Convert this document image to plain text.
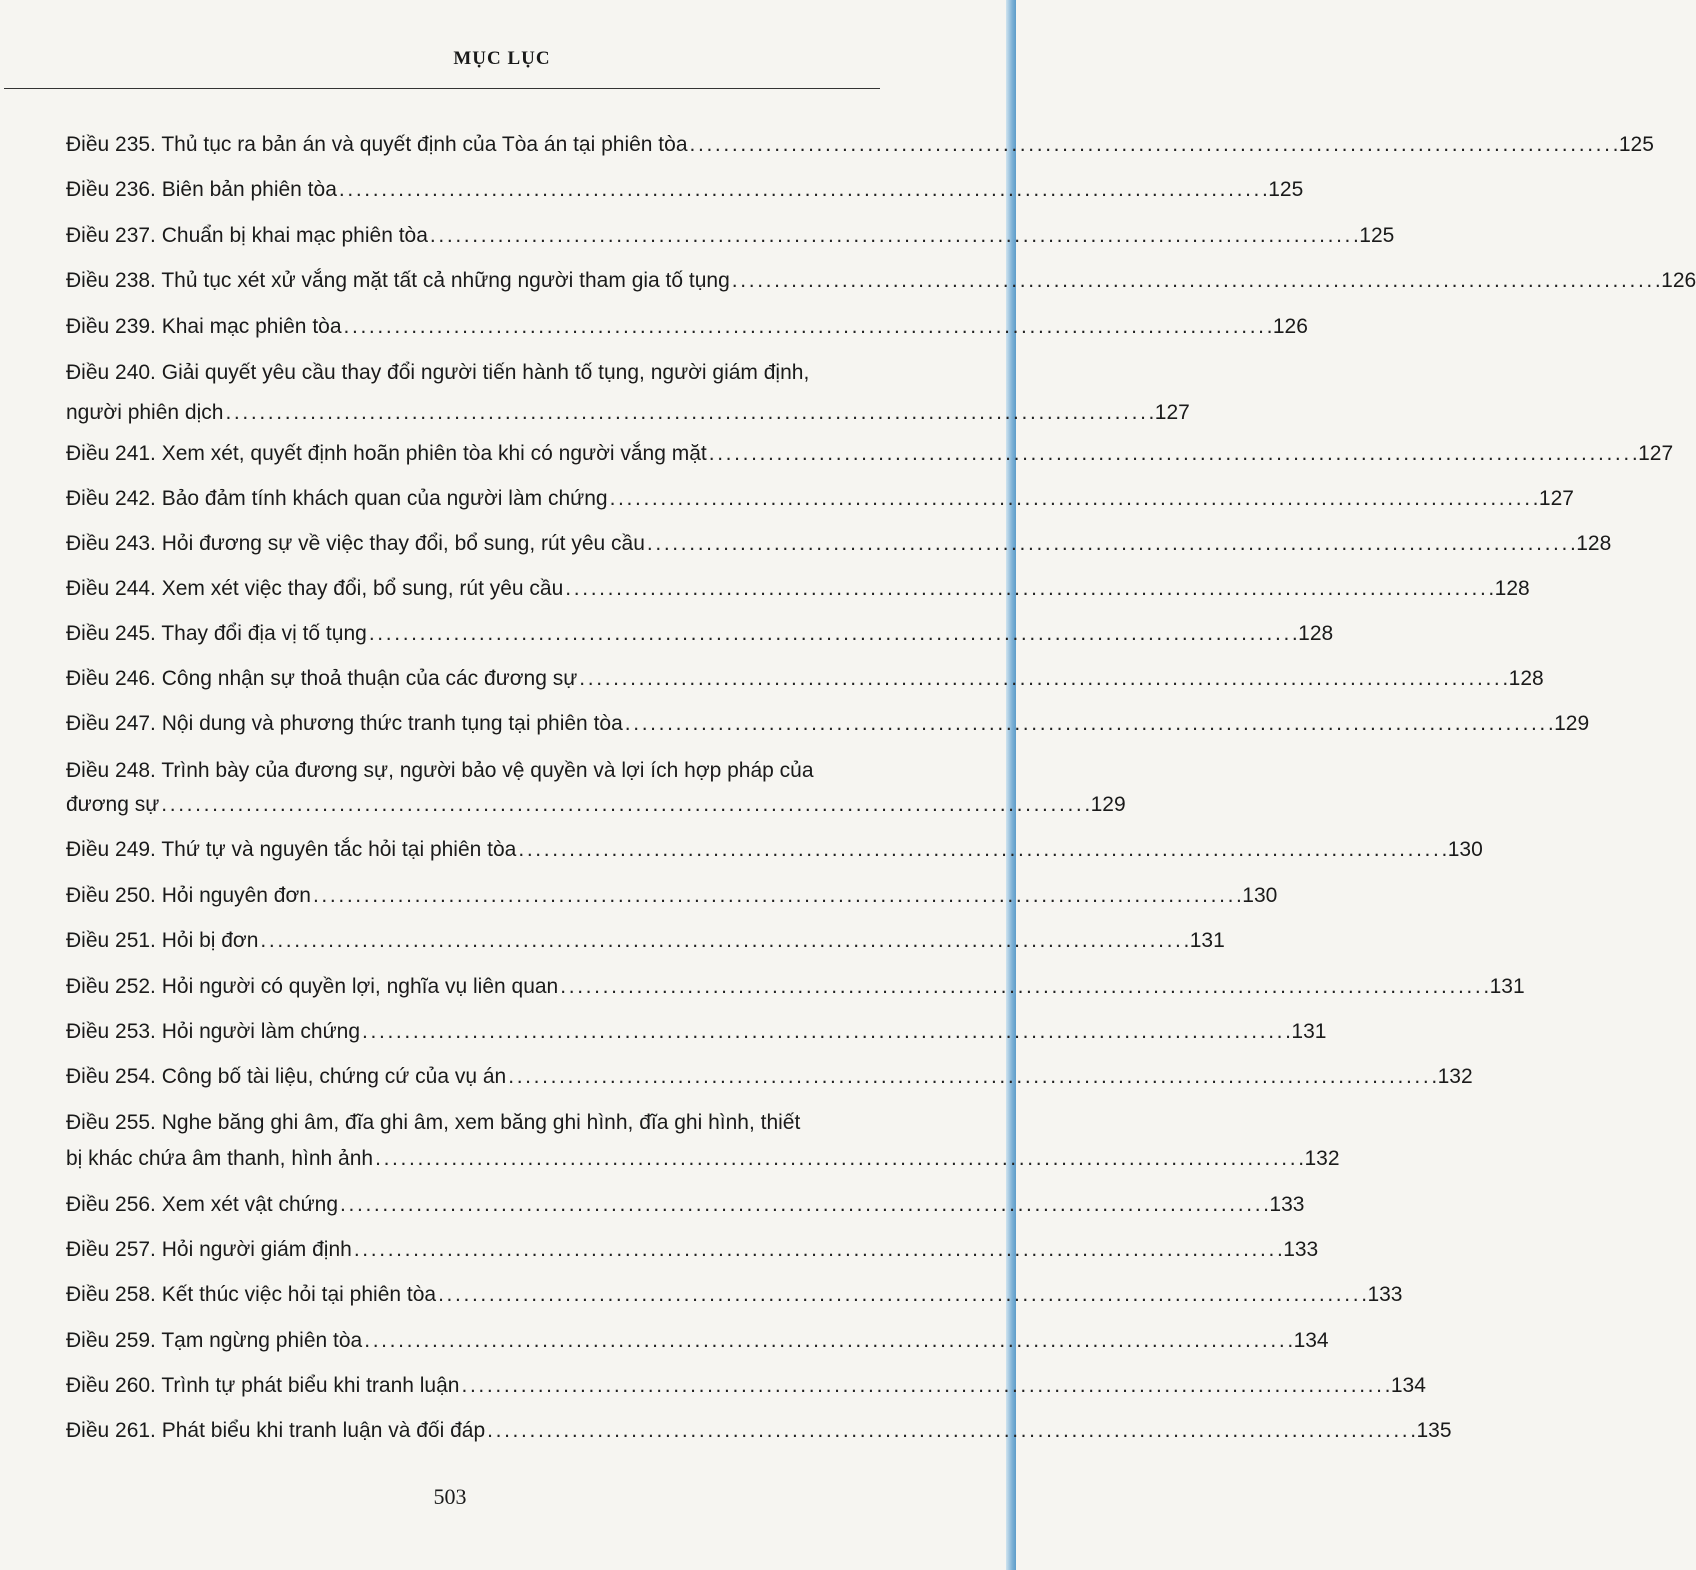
MỤC LỤC
Điều 235. Thủ tục ra bản án và quyết định của Tòa án tại phiên tòa . . .	125
Điều 236. Biên bản phiên tòa . . .	125
Điều 237. Chuẩn bị khai mạc phiên tòa . . .	125
Điều 238. Thủ tục xét xử vắng mặt tất cả những người tham gia tố tụng . . .	126
Điều 239. Khai mạc phiên tòa . . .	126
Điều 240. Giải quyết yêu cầu thay đổi người tiến hành tố tụng, người giám định,
người phiên dịch . . .	127
Điều 241. Xem xét, quyết định hoãn phiên tòa khi có người vắng mặt . . .	127
Điều 242. Bảo đảm tính khách quan của người làm chứng . . .	127
Điều 243. Hỏi đương sự về việc thay đổi, bổ sung, rút yêu cầu . . .	128
Điều 244. Xem xét việc thay đổi, bổ sung, rút yêu cầu . . .	128
Điều 245. Thay đổi địa vị tố tụng . . .	128
Điều 246. Công nhận sự thoả thuận của các đương sự . . .	128
Điều 247. Nội dung và phương thức tranh tụng tại phiên tòa . . .	129
Điều 248. Trình bày của đương sự, người bảo vệ quyền và lợi ích hợp pháp của
đương sự . . .	129
Điều 249. Thứ tự và nguyên tắc hỏi tại phiên tòa . . .	130
Điều 250. Hỏi nguyên đơn . . .	130
Điều 251. Hỏi bị đơn . . .	131
Điều 252. Hỏi người có quyền lợi, nghĩa vụ liên quan . . .	131
Điều 253. Hỏi người làm chứng . . .	131
Điều 254. Công bố tài liệu, chứng cứ của vụ án . . .	132
Điều 255. Nghe băng ghi âm, đĩa ghi âm, xem băng ghi hình, đĩa ghi hình, thiết
bị khác chứa âm thanh, hình ảnh . . .	132
Điều 256. Xem xét vật chứng . . .	133
Điều 257. Hỏi người giám định . . .	133
Điều 258. Kết thúc việc hỏi tại phiên tòa . . .	133
Điều 259. Tạm ngừng phiên tòa . . .	134
Điều 260. Trình tự phát biểu khi tranh luận . . .	134
Điều 261. Phát biểu khi tranh luận và đối đáp . . .	135
503
